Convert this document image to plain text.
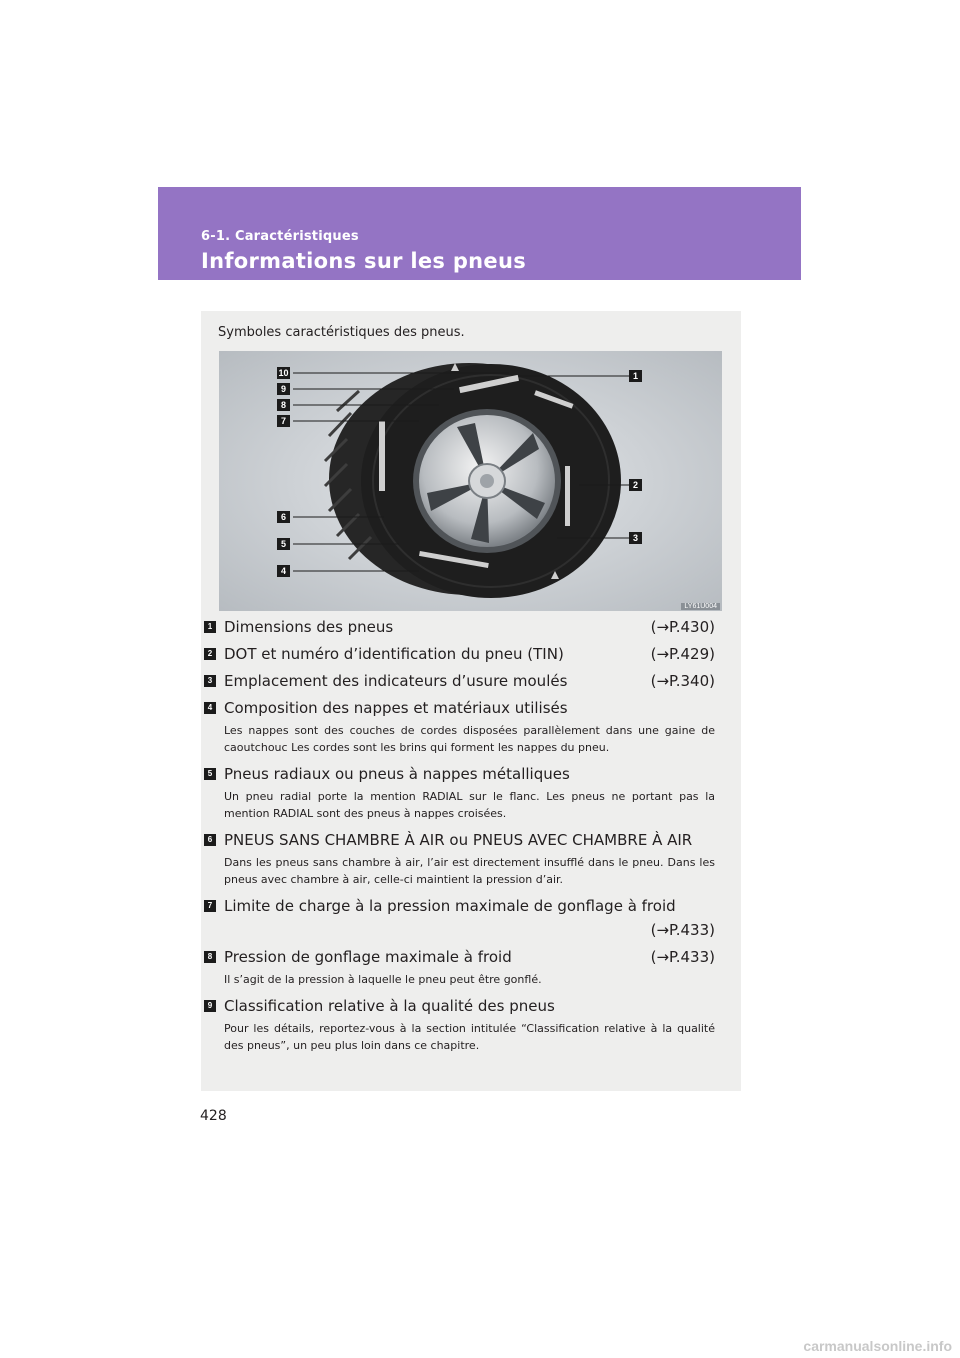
6-1. Caractéristiques
Informations sur les pneus
Symboles caractéristiques des pneus.
10
9
8
7
6
5
4
1
2
3
LY61U004
1 Dimensions des pneus	(→P.430)
2 DOT et numéro d’identification du pneu (TIN)	(→P.429)
3 Emplacement des indicateurs d’usure moulés	(→P.340)
4 Composition des nappes et matériaux utilisés
Les nappes sont des couches de cordes disposées parallèlement dans une gaine de caoutchouc Les cordes sont les brins qui forment les nappes du pneu.
5 Pneus radiaux ou pneus à nappes métalliques
Un pneu radial porte la mention RADIAL sur le flanc. Les pneus ne portant pas la mention RADIAL sont des pneus à nappes croisées.
6 PNEUS SANS CHAMBRE À AIR ou PNEUS AVEC CHAMBRE À AIR
Dans les pneus sans chambre à air, l’air est directement insufflé dans le pneu. Dans les pneus avec chambre à air, celle-ci maintient la pression d’air.
7 Limite de charge à la pression maximale de gonflage à froid

(→P.433)

8 Pression de gonflage maximale à froid	(→P.433)
Il s’agit de la pression à laquelle le pneu peut être gonflé.
9 Classification relative à la qualité des pneus
Pour les détails, reportez-vous à la section intitulée “Classification relative à la qualité des pneus”, un peu plus loin dans ce chapitre.
428
carmanualsonline.info
